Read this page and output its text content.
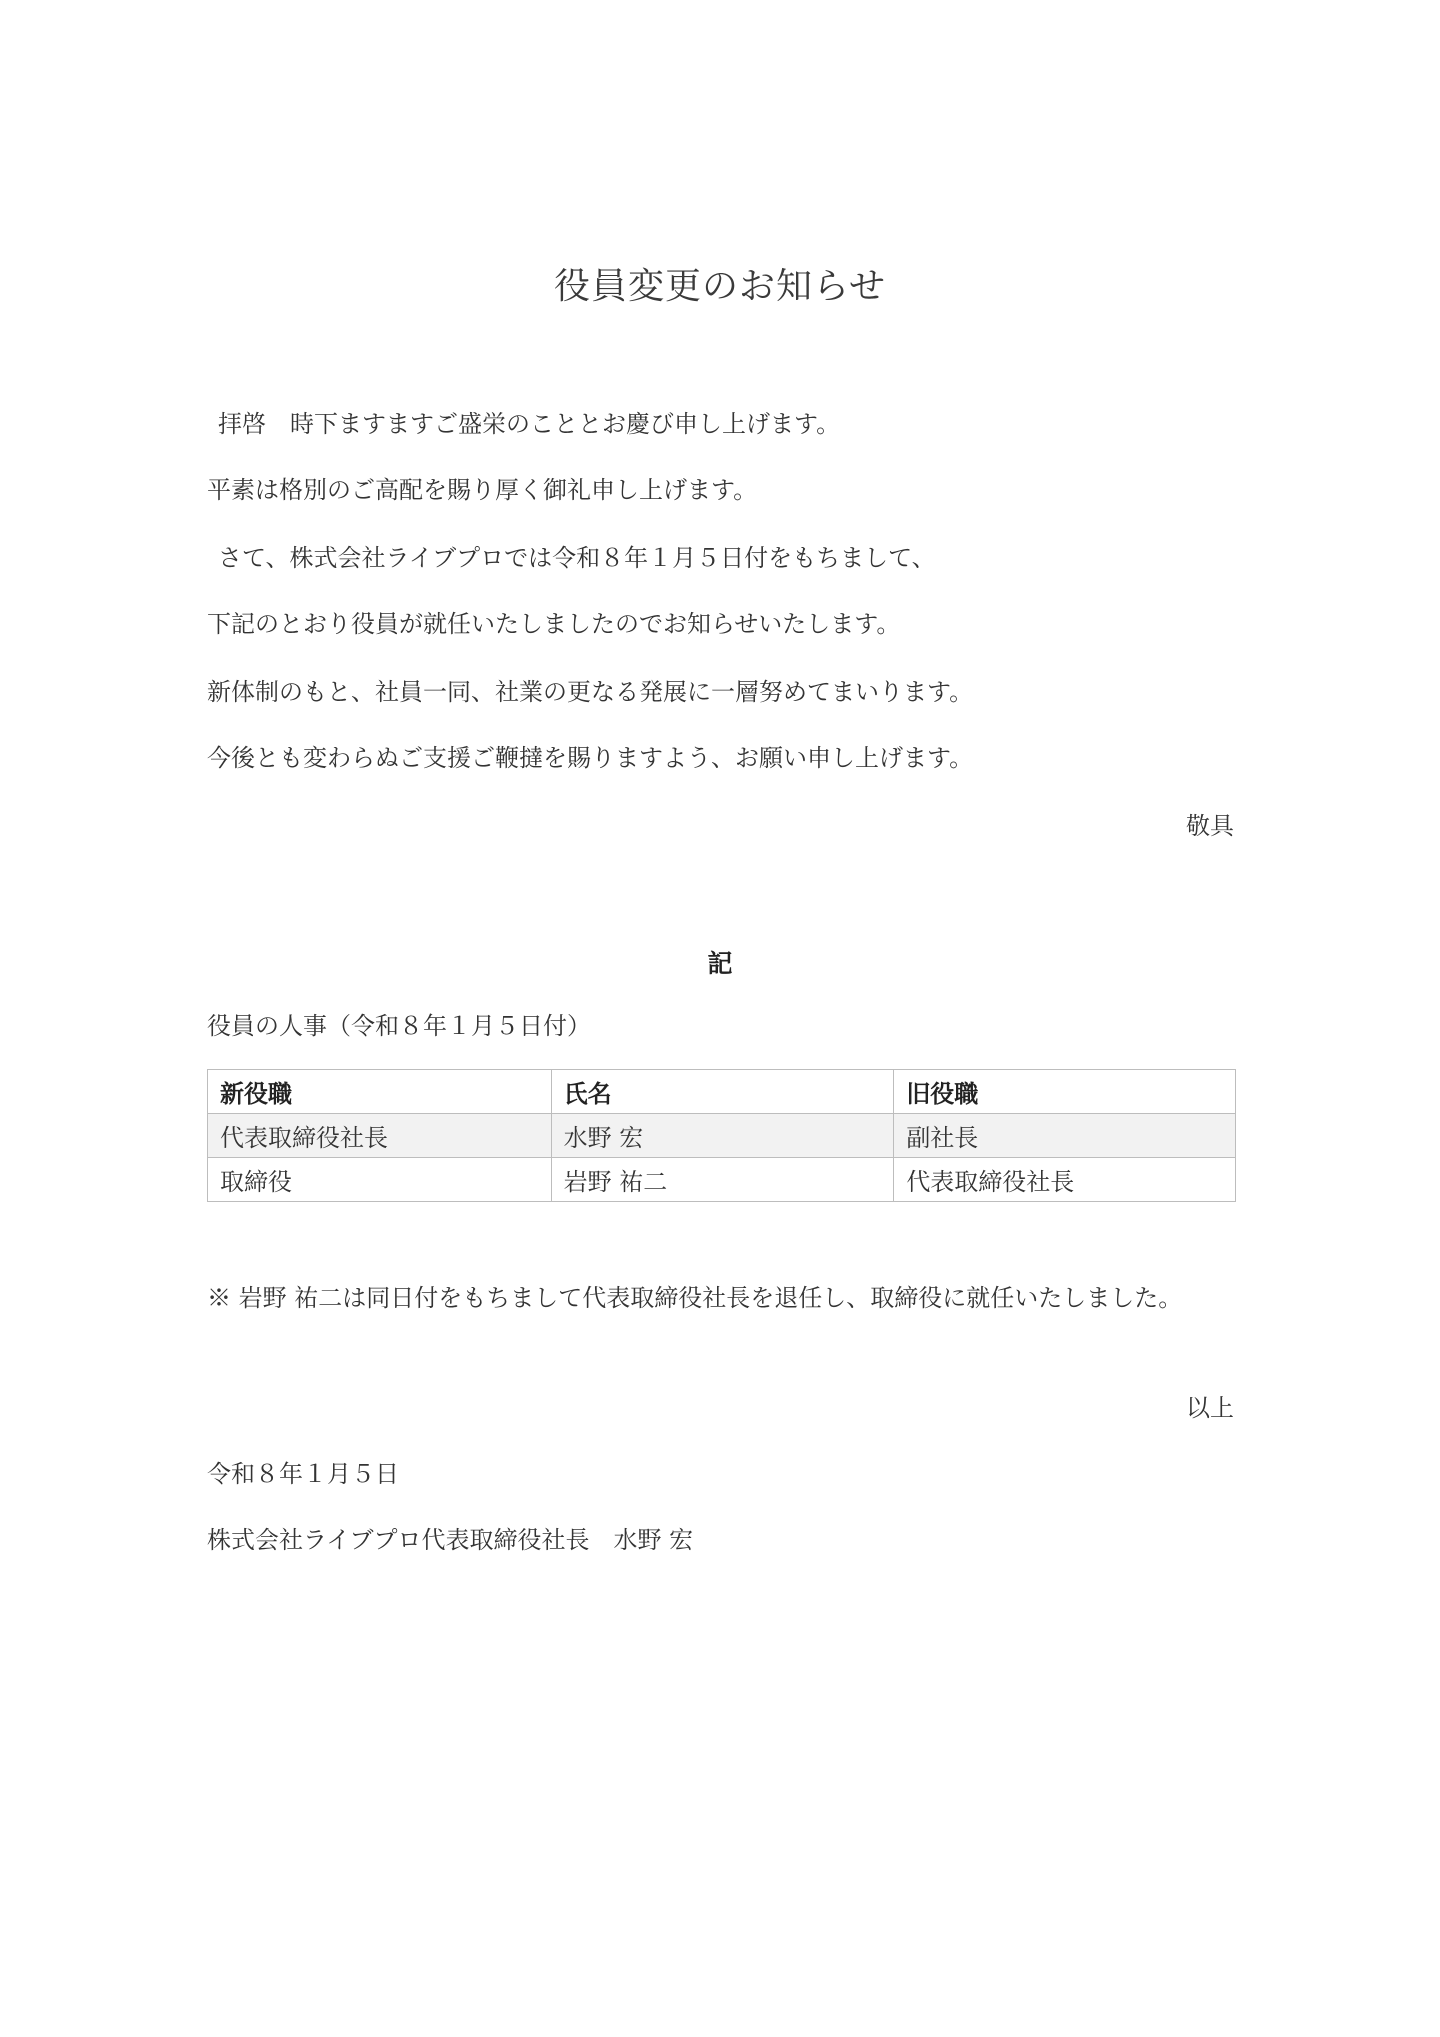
役員変更のお知らせ
拝啓　時下ますますご盛栄のこととお慶び申し上げます。
平素は格別のご高配を賜り厚く御礼申し上げます。
さて、株式会社ライブプロでは令和８年１月５日付をもちまして、
下記のとおり役員が就任いたしましたのでお知らせいたします。
新体制のもと、社員一同、社業の更なる発展に一層努めてまいります。
今後とも変わらぬご支援ご鞭撻を賜りますよう、お願い申し上げます。
敬具
記
役員の人事（令和８年１月５日付）
新役職	氏名	旧役職
代表取締役社長	水野 宏	副社長
取締役	岩野 祐二	代表取締役社長
※ 岩野 祐二は同日付をもちまして代表取締役社長を退任し、取締役に就任いたしました。
以上
令和８年１月５日
株式会社ライブプロ代表取締役社長　水野 宏
